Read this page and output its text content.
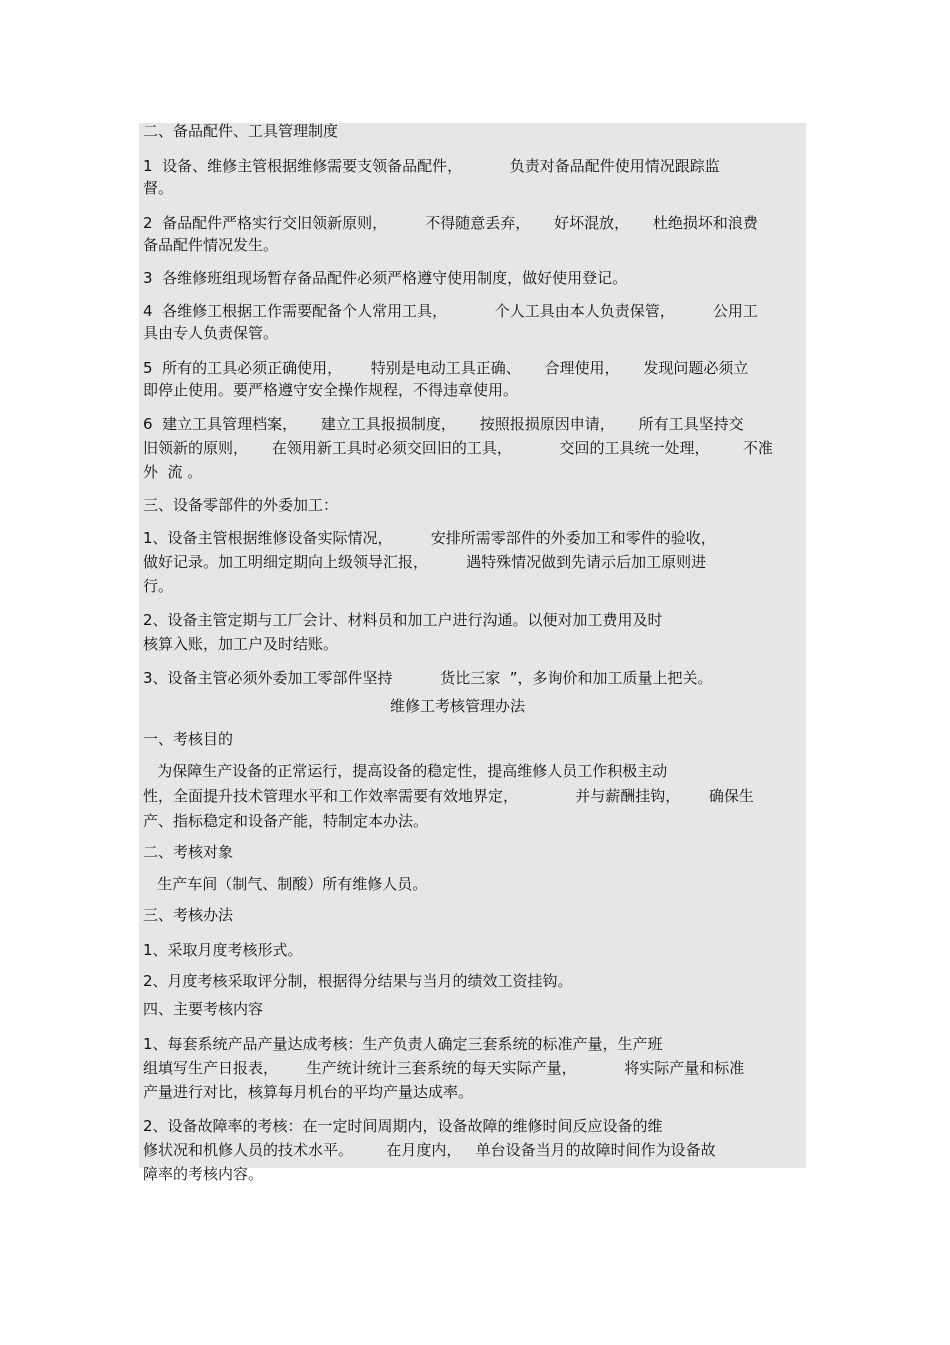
二、备品配件、工具管理制度

1  设备、维修主管根据维修需要支领备品配件，          负责对备品配件使用情况跟踪监

督。

2  备品配件严格实行交旧领新原则，        不得随意丢弃，     好坏混放，     杜绝损坏和浪费

备品配件情况发生。

3  各维修班组现场暂存备品配件必须严格遵守使用制度，做好使用登记。

4  各维修工根据工作需要配备个人常用工具，          个人工具由本人负责保管，        公用工

具由专人负责保管。

5  所有的工具必须正确使用，      特别是电动工具正确、     合理使用，     发现问题必须立

即停止使用。要严格遵守安全操作规程，不得违章使用。

6  建立工具管理档案，     建立工具报损制度，     按照报损原因申请，     所有工具坚持交

旧领新的原则，     在领用新工具时必须交回旧的工具，          交回的工具统一处理，       不准

外  流 。

三、设备零部件的外委加工：

1、设备主管根据维修设备实际情况，        安排所需零部件的外委加工和零件的验收，

做好记录。加工明细定期向上级领导汇报，        遇特殊情况做到先请示后加工原则进

行。

2、设备主管定期与工厂会计、材料员和加工户进行沟通。以便对加工费用及时

核算入账，加工户及时结账。

3、设备主管必须外委加工零部件坚持          货比三家  ”，多询价和加工质量上把关。

维修工考核管理办法

一、考核目的

为保障生产设备的正常运行，提高设备的稳定性，提高维修人员工作积极主动

性，全面提升技术管理水平和工作效率需要有效地界定，            并与薪酬挂钩，      确保生

产、指标稳定和设备产能，特制定本办法。

二、考核对象

生产车间（制气、制酸）所有维修人员。

三、考核办法

1、采取月度考核形式。

2、月度考核采取评分制，根据得分结果与当月的绩效工资挂钩。

四、主要考核内容

1、每套系统产品产量达成考核：生产负责人确定三套系统的标准产量，生产班

组填写生产日报表，      生产统计统计三套系统的每天实际产量，          将实际产量和标准

产量进行对比，核算每月机台的平均产量达成率。

2、设备故障率的考核：在一定时间周期内，设备故障的维修时间反应设备的维

修状况和机修人员的技术水平。       在月度内，   单台设备当月的故障时间作为设备故

障率的考核内容。
